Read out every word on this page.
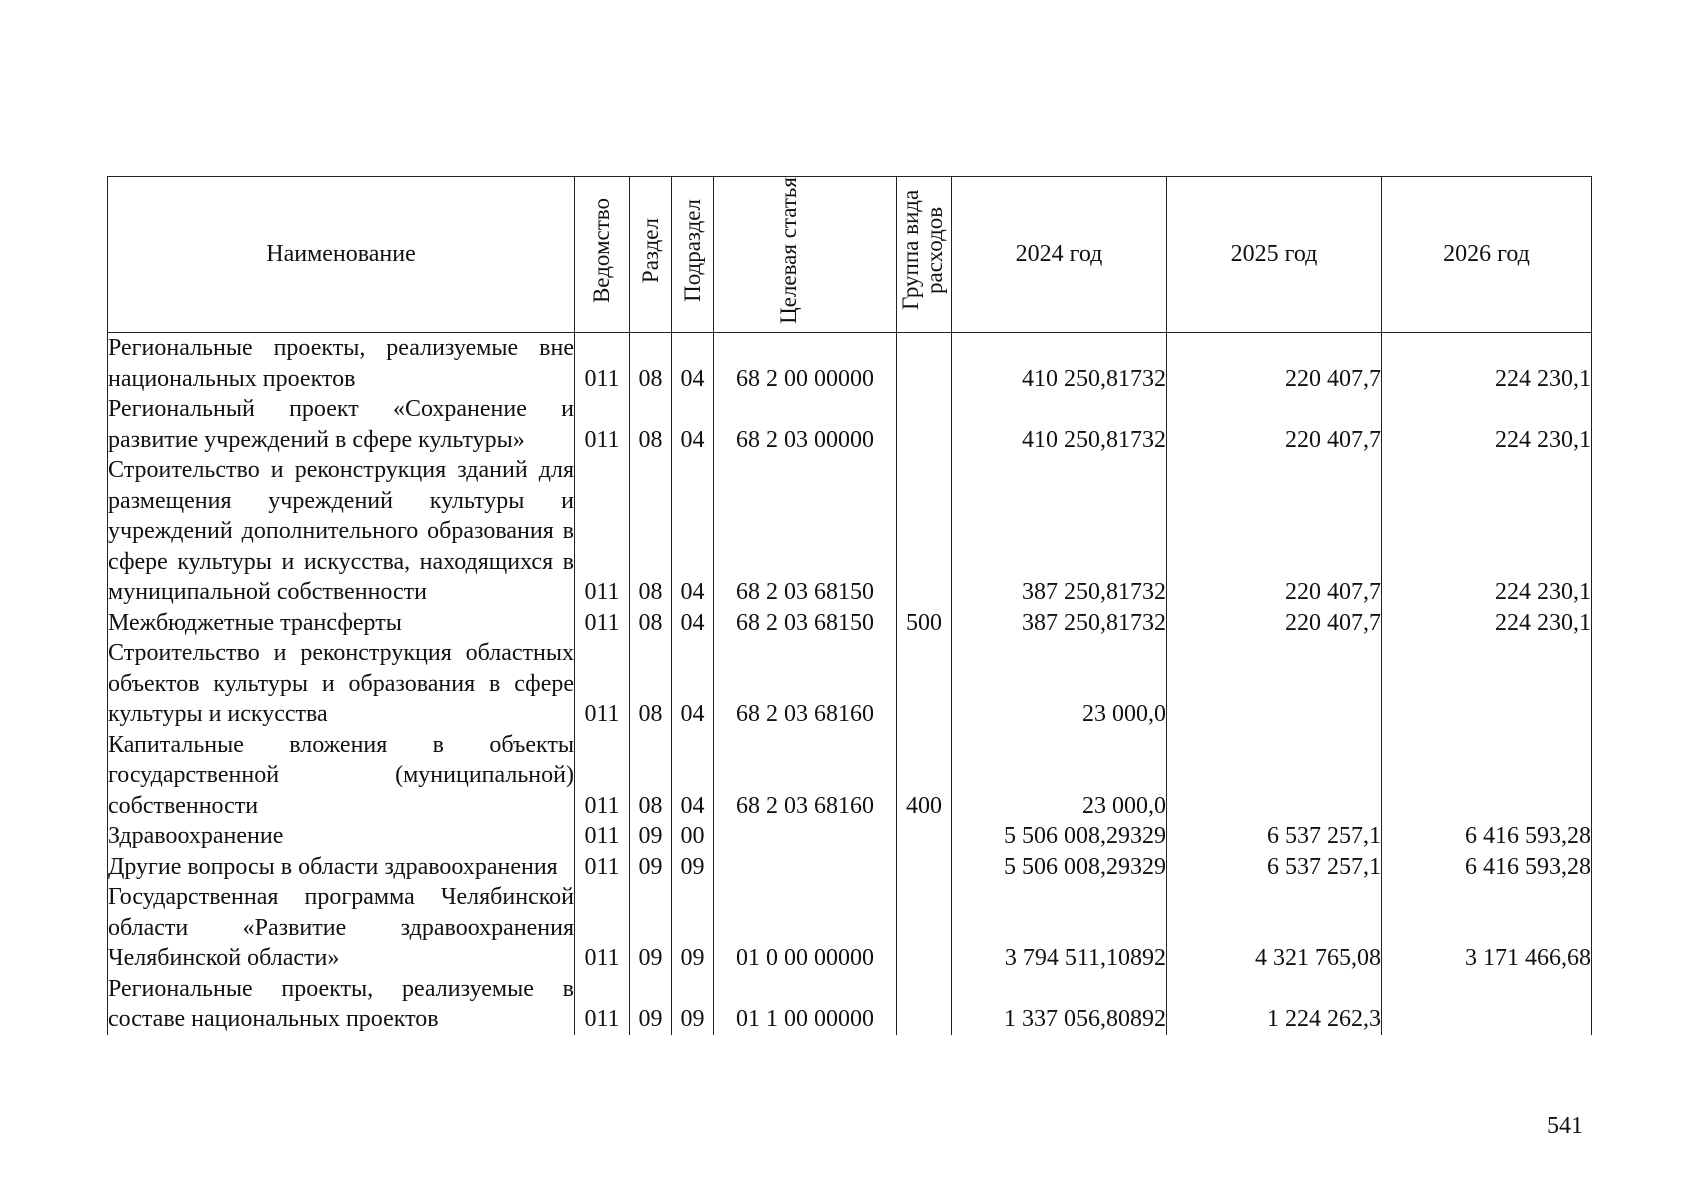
Наименование	Ведомство	Раздел	Подраздел	Целевая статья	Группа вида расходов	2024 год	2025 год	2026 год
Региональные проекты, реализуемые вне национальных проектов	011	08	04	68 2 00 00000		410 250,81732	220 407,7	224 230,1
Региональный проект «Сохранение и развитие учреждений в сфере культуры»	011	08	04	68 2 03 00000		410 250,81732	220 407,7	224 230,1
Строительство и реконструкция зданий для размещения учреждений культуры и учреждений дополнительного образования в сфере культуры и искусства, находящихся в муниципальной собственности	011	08	04	68 2 03 68150		387 250,81732	220 407,7	224 230,1
Межбюджетные трансферты	011	08	04	68 2 03 68150	500	387 250,81732	220 407,7	224 230,1
Строительство и реконструкция областных объектов культуры и образования в сфере культуры и искусства	011	08	04	68 2 03 68160		23 000,0		
Капитальные вложения в объекты государственной (муниципальной) собственности	011	08	04	68 2 03 68160	400	23 000,0		
Здравоохранение	011	09	00			5 506 008,29329	6 537 257,1	6 416 593,28
Другие вопросы в области здравоохранения	011	09	09			5 506 008,29329	6 537 257,1	6 416 593,28
Государственная программа Челябинской области «Развитие здравоохранения Челябинской области»	011	09	09	01 0 00 00000		3 794 511,10892	4 321 765,08	3 171 466,68
Региональные проекты, реализуемые в составе национальных проектов	011	09	09	01 1 00 00000		1 337 056,80892	1 224 262,3	
541
